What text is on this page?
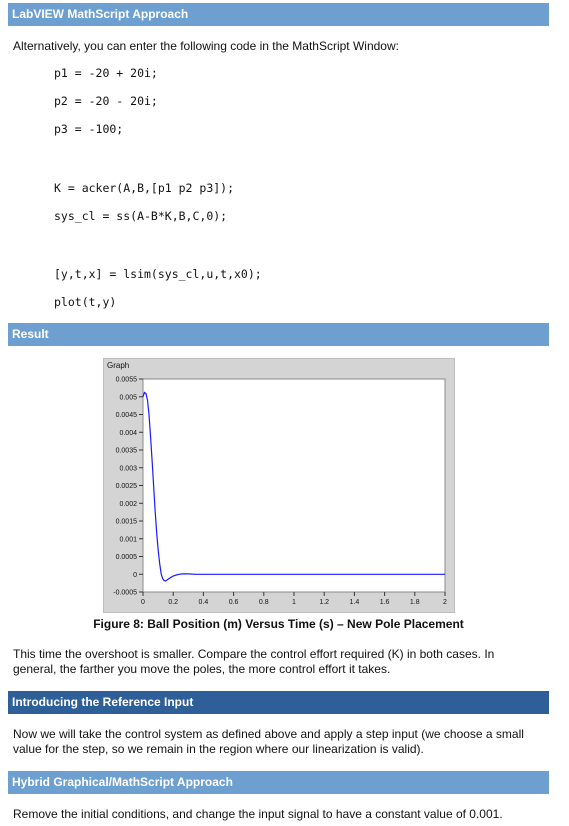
LabVIEW MathScript Approach
Alternatively, you can enter the following code in the MathScript Window:
p1 = -20 + 20i;
p2 = -20 - 20i;
p3 = -100;
K = acker(A,B,[p1 p2 p3]);
sys_cl = ss(A-B*K,B,C,0);
[y,t,x] = lsim(sys_cl,u,t,x0);
plot(t,y)
Result
Graph
0.0055
0.005
0.0045
0.004
0.0035
0.003
0.0025
0.002
0.0015
0.001
0.0005
0
-0.0005
0	0.2	0.4	0.6	0.8	1	1.2	1.4	1.6	1.8	2
Figure 8: Ball Position (m) Versus Time (s) – New Pole Placement
This time the overshoot is smaller. Compare the control effort required (K) in both cases. In
general, the farther you move the poles, the more control effort it takes.
Introducing the Reference Input
Now we will take the control system as defined above and apply a step input (we choose a small
value for the step, so we remain in the region where our linearization is valid).
Hybrid Graphical/MathScript Approach
Remove the initial conditions, and change the input signal to have a constant value of 0.001.
